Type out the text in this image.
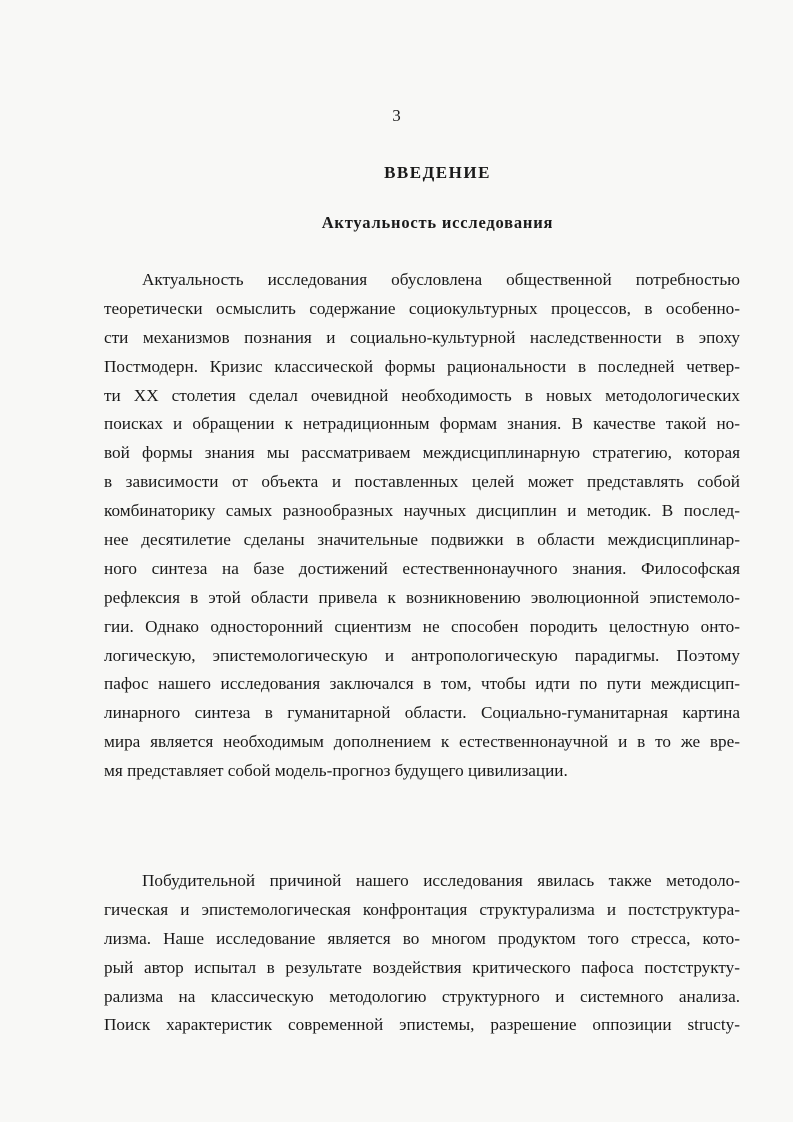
3
ВВЕДЕНИЕ
Актуальность исследования
Актуальность исследования обусловлена общественной потребностью
теоретически осмыслить содержание социокультурных процессов, в особенно-
сти механизмов познания и социально-культурной наследственности в эпоху
Постмодерн. Кризис классической формы рациональности в последней четвер-
ти XX столетия сделал очевидной необходимость в новых методологических
поисках и обращении к нетрадиционным формам знания. В качестве такой но-
вой формы знания мы рассматриваем междисциплинарную стратегию, которая
в зависимости от объекта и поставленных целей может представлять собой
комбинаторику самых разнообразных научных дисциплин и методик. В послед-
нее десятилетие сделаны значительные подвижки в области междисциплинар-
ного синтеза на базе достижений естественнонаучного знания. Философская
рефлексия в этой области привела к возникновению эволюционной эпистемоло-
гии. Однако односторонний сциентизм не способен породить целостную онто-
логическую, эпистемологическую и антропологическую парадигмы. Поэтому
пафос нашего исследования заключался в том, чтобы идти по пути междисцип-
линарного синтеза в гуманитарной области. Социально-гуманитарная картина
мира является необходимым дополнением к естественнонаучной и в то же вре-
мя представляет собой модель-прогноз будущего цивилизации.
Побудительной причиной нашего исследования явилась также методоло-
гическая и эпистемологическая конфронтация структурализма и постструктура-
лизма. Наше исследование является во многом продуктом того стресса, кото-
рый автор испытал в результате воздействия критического пафоса постструкту-
рализма на классическую методологию структурного и системного анализа.
Поиск характеристик современной эпистемы, разрешение оппозиции structу-
